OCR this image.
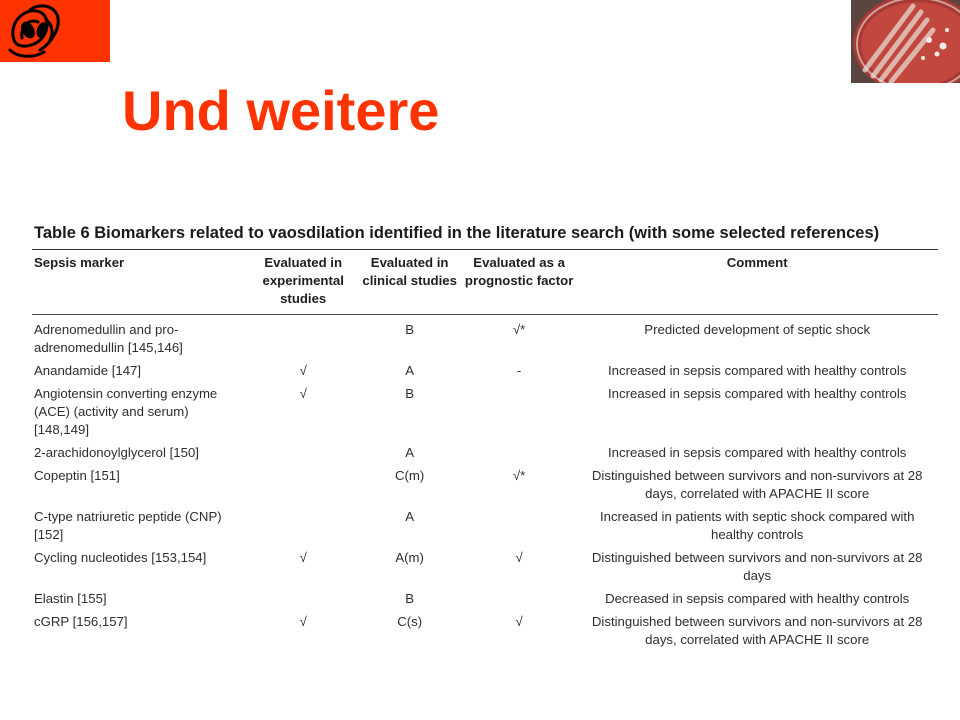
Und weitere
Table 6 Biomarkers related to vaosdilation identified in the literature search (with some selected references)
Sepsis marker	Evaluated in experimental studies	Evaluated in clinical studies	Evaluated as a prognostic factor	Comment
Adrenomedullin and pro-adrenomedullin [145,146]		B	√*	Predicted development of septic shock
Anandamide [147]	√	A	-	Increased in sepsis compared with healthy controls
Angiotensin converting enzyme (ACE) (activity and serum) [148,149]	√	B		Increased in sepsis compared with healthy controls
2-arachidonoylglycerol [150]		A		Increased in sepsis compared with healthy controls
Copeptin [151]		C(m)	√*	Distinguished between survivors and non-survivors at 28 days, correlated with APACHE II score
C-type natriuretic peptide (CNP) [152]		A		Increased in patients with septic shock compared with healthy controls
Cycling nucleotides [153,154]	√	A(m)	√	Distinguished between survivors and non-survivors at 28 days
Elastin [155]		B		Decreased in sepsis compared with healthy controls
cGRP [156,157]	√	C(s)	√	Distinguished between survivors and non-survivors at 28 days, correlated with APACHE II score
